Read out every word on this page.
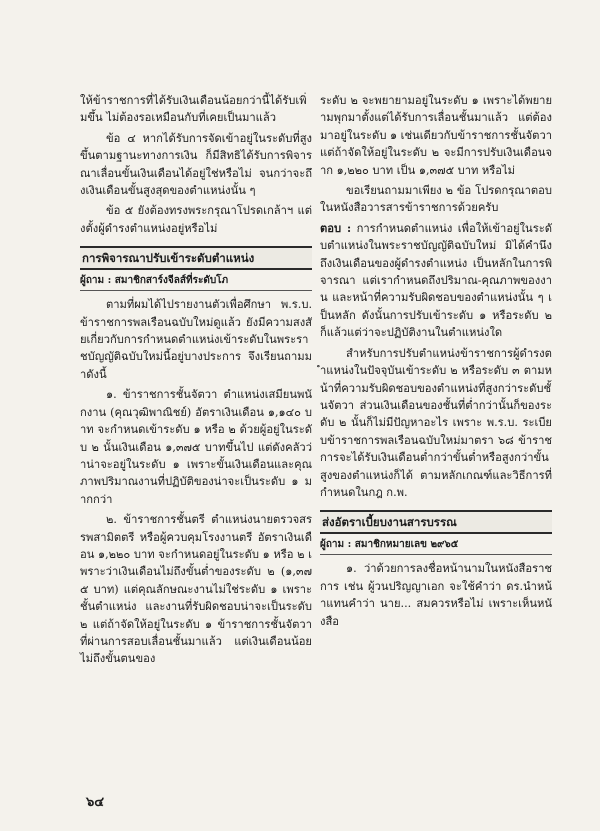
ให้ข้าราชการที่ได้รับเงินเดือนน้อยกว่านี้ได้รับเพิ่มขึ้น ไม่ต้องรอเหมือนกับที่เคยเป็นมาแล้ว

ข้อ ๔ หากได้รับการจัดเข้าอยู่ในระดับที่สูงขึ้นตามฐานะทางการเงิน ก็มีสิทธิได้รับการพิจารณาเลื่อนขั้นเงินเดือนได้อยู่ใช่หรือไม่ จนกว่าจะถึงเงินเดือนขั้นสูงสุดของตำแหน่งนั้น ๆ

ข้อ ๕ ยังต้องทรงพระกรุณาโปรดเกล้าฯ แต่งตั้งผู้ดำรงตำแหน่งอยู่หรือไม่

การพิจารณาปรับเข้าระดับตำแหน่ง
ผู้ถาม : สมาชิกสาร์งจีลส์ที่ระดับโภ

ตามที่ผมได้ไปรายงานตัวเพื่อศึกษา พ.ร.บ. ข้าราชการพลเรือนฉบับใหม่ดูแล้ว ยังมีความสงสัยเกี่ยวกับการกำหนดตำแหน่งเข้าระดับในพระราชบัญญัติฉบับใหม่นี้อยู่บางประการ จึงเรียนถามมาดังนี้

๑. ข้าราชการชั้นจัตวา ตำแหน่งเสมียนพนักงาน (คุณวุฒิพาณิชย์) อัตราเงินเดือน ๑,๑๔๐ บาท จะกำหนดเข้าระดับ ๑ หรือ ๒ ด้วยผู้อยู่ในระดับ ๒ นั้นเงินเดือน ๑,๓๗๕ บาทขึ้นไป แต่ดังคลัวว่าน่าจะอยู่ในระดับ ๑ เพราะขั้นเงินเดือนและคุณภาพปริมาณงานที่ปฏิบัติของน่าจะเป็นระดับ ๑ มากกว่า

๒. ข้าราชการชั้นตรี ตำแหน่งนายตรวจสรรพสามิตตรี หรือผู้ควบคุมโรงงานตรี อัตราเงินเดือน ๑,๒๒๐ บาท จะกำหนดอยู่ในระดับ ๑ หรือ ๒ เพราะว่าเงินเดือนไม่ถึงขั้นต่ำของระดับ ๒ (๑,๓๗๕ บาท) แต่คุณลักษณะงานไม่ใช่ระดับ ๑ เพราะชั้นตำแหน่ง และงานที่รับผิดชอบน่าจะเป็นระดับ ๒ แต่ถ้าจัดให้อยู่ในระดับ ๑ ข้าราชการชั้นจัตวาที่ผ่านการสอบเลื่อนชั้นมาแล้ว แต่เงินเดือนน้อย ไม่ถึงขั้นตนของ

ระดับ ๒ จะพยายามอยู่ในระดับ ๑ เพราะได้พยายามพุกมาตั้งแต่ได้รับการเลื่อนชั้นมาแล้ว แต่ต้องมาอยู่ในระดับ ๑ เช่นเดียวกับข้าราชการชั้นจัตวา แต่ถ้าจัดให้อยู่ในระดับ ๒ จะมีการปรับเงินเดือนจาก ๑,๒๒๐ บาท เป็น ๑,๓๗๕ บาท หรือไม่

ขอเรียนถามมาเพียง ๒ ข้อ โปรดกรุณาตอบในหนังสือวารสารข้าราชการด้วยครับ

ตอบ : การกำหนดตำแหน่ง เพื่อให้เข้าอยู่ในระดับตำแหน่งในพระราชบัญญัติฉบับใหม่ มิได้คำนึงถึงเงินเดือนของผู้ดำรงตำแหน่ง เป็นหลักในการพิจารณา แต่เรากำหนดถึงปริมาณ-คุณภาพของงาน และหน้าที่ความรับผิดชอบของตำแหน่งนั้น ๆ เป็นหลัก ดังนั้นการปรับเข้าระดับ ๑ หรือระดับ ๒ ก็แล้วแต่ว่าจะปฏิบัติงานในตำแหน่งใด

สำหรับการปรับตำแหน่งข้าราชการผู้ดำรงตำแหน่งในปัจจุบันเข้าระดับ ๒ หรือระดับ ๓ ตามหน้าที่ความรับผิดชอบของตำแหน่งที่สูงกว่าระดับชั้นจัตวา ส่วนเงินเดือนของชั้นที่ต่ำกว่านั้นก็ของระดับ ๒ นั้นก็ไม่มีปัญหาอะไร เพราะ พ.ร.บ. ระเบียบข้าราชการพลเรือนฉบับใหม่มาตรา ๖๘ ข้าราชการจะได้รับเงินเดือนต่ำกว่าขั้นต่ำหรือสูงกว่าขั้นสูงของตำแหน่งก็ได้ ตามหลักเกณฑ์และวิธีการที่กำหนดในกฎ ก.พ.

ส่งอัตราเบี้ยบงานสารบรรณ
ผู้ถาม : สมาชิกหมายเลข ๒๙๖๕

๑. ว่าด้วยการลงชื่อหน้านามในหนังสือราชการ เช่น ผู้วนปริญญาเอก จะใช้คำว่า ดร.นำหน้าแทนคำว่า นาย... สมควรหรือไม่ เพราะเห็นหนังสือ

๖๔
